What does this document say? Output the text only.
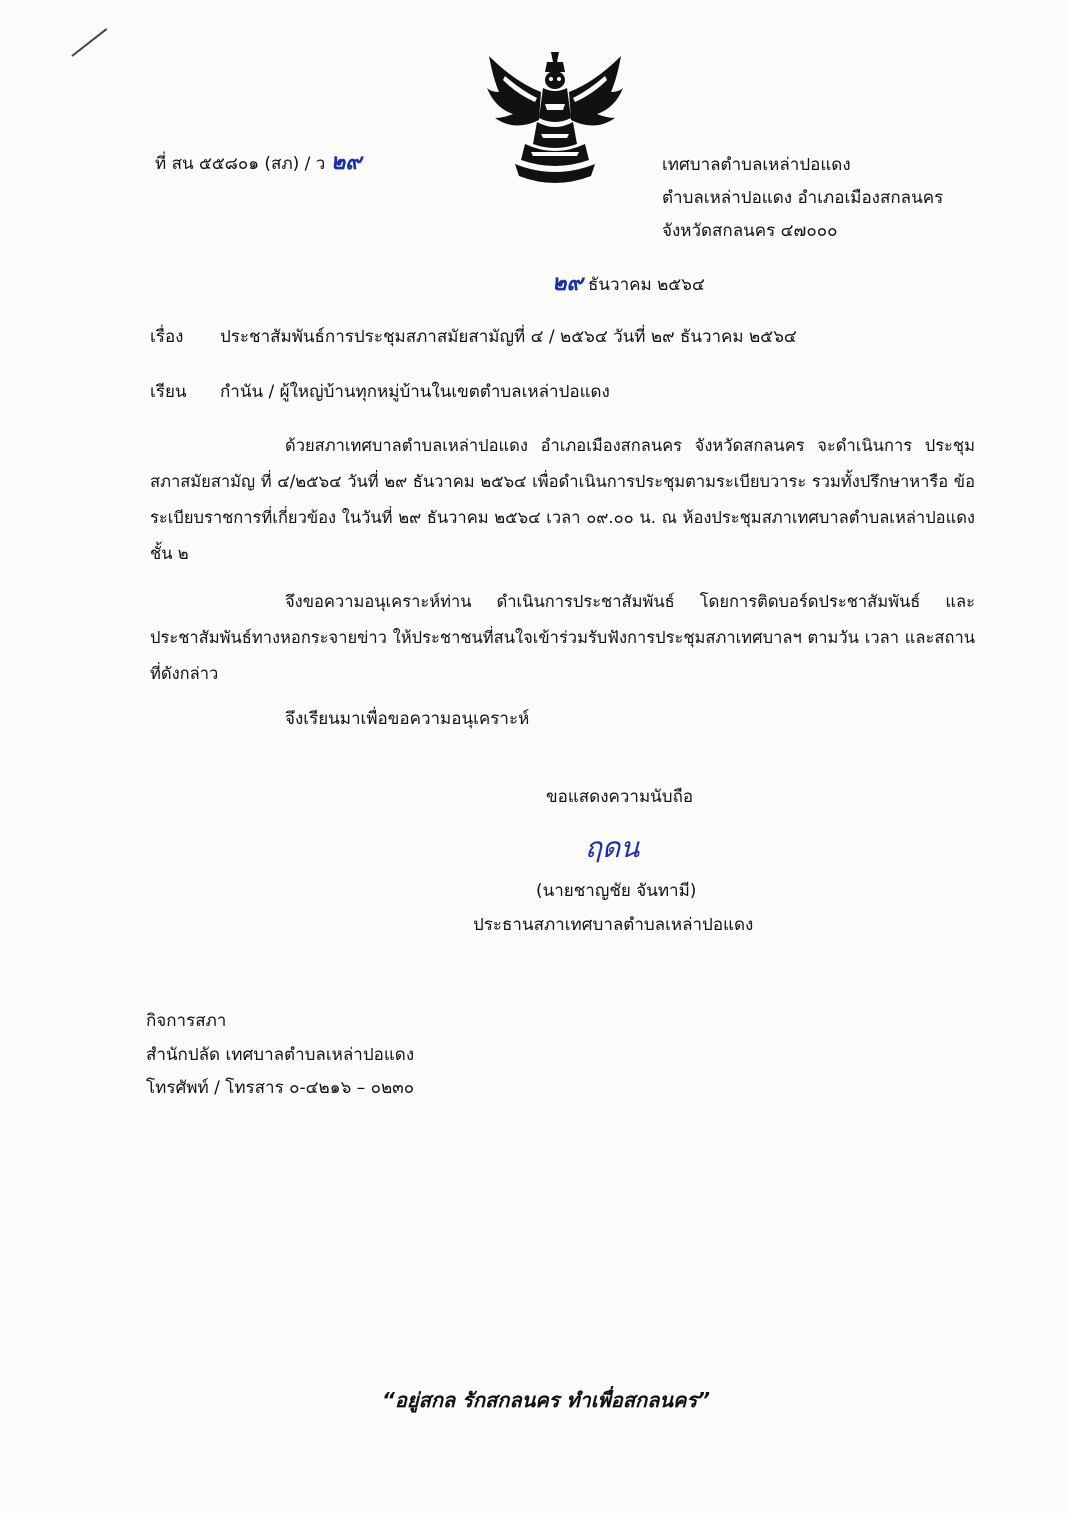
ที่ สน ๕๕๘๐๑ (สภ) / ว ๒๙	เทศบาลตำบลเหล่าปอแดง
ตำบลเหล่าปอแดง อำเภอเมืองสกลนคร
จังหวัดสกลนคร ๔๗๐๐๐
๒๙ ธันวาคม ๒๕๖๔
เรื่อง ประชาสัมพันธ์การประชุมสภาสมัยสามัญที่ ๔ / ๒๕๖๔ วันที่ ๒๙ ธันวาคม ๒๕๖๔
เรียน กำนัน / ผู้ใหญ่บ้านทุกหมู่บ้านในเขตตำบลเหล่าปอแดง
ด้วยสภาเทศบาลตำบลเหล่าปอแดง อำเภอเมืองสกลนคร จังหวัดสกลนคร จะดำเนินการ ประชุมสภาสมัยสามัญ ที่ ๔/๒๕๖๔ วันที่ ๒๙ ธันวาคม ๒๕๖๔ เพื่อดำเนินการประชุมตามระเบียบวาระ รวมทั้งปรึกษาหารือ ข้อระเบียบราชการที่เกี่ยวข้อง ในวันที่ ๒๙ ธันวาคม ๒๕๖๔ เวลา ๐๙.๐๐ น. ณ ห้องประชุมสภาเทศบาลตำบลเหล่าปอแดง ชั้น ๒
จึงขอความอนุเคราะห์ท่าน ดำเนินการประชาสัมพันธ์ โดยการติดบอร์ดประชาสัมพันธ์ และ ประชาสัมพันธ์ทางหอกระจายข่าว ให้ประชาชนที่สนใจเข้าร่วมรับฟังการประชุมสภาเทศบาลฯ ตามวัน เวลา และสถานที่ดังกล่าว
จึงเรียนมาเพื่อขอความอนุเคราะห์
ขอแสดงความนับถือ
ฤดน
(นายชาญชัย จันทามี)
ประธานสภาเทศบาลตำบลเหล่าปอแดง
กิจการสภา
สำนักปลัด เทศบาลตำบลเหล่าปอแดง
โทรศัพท์ / โทรสาร ๐-๔๒๑๖ – ๐๒๓๐
“อยู่สกล รักสกลนคร ทำเพื่อสกลนคร”
